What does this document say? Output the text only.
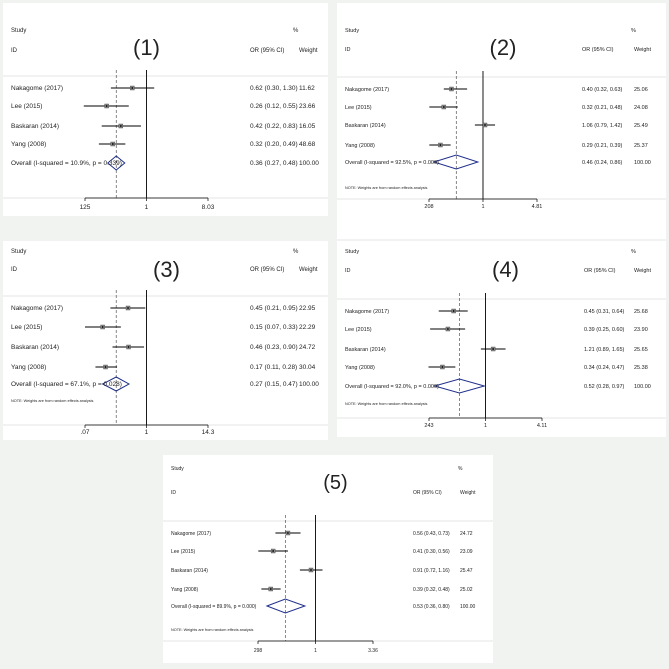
Study	%
ID	OR (95% CI) Weight
(1)
Nakagome (2017)	0.62 (0.30, 1.30) 11.62
Lee (2015)	0.26 (0.12, 0.55) 23.66
Baskaran (2014)	0.42 (0.22, 0.83) 16.05
Yang (2008)	0.32 (0.20, 0.49) 48.68
Overall (I-squared = 10.9%, p = 0.339)	0.36 (0.27, 0.48) 100.00
125	1	8.03
Study	%
ID	OR (95% CI)	Weight
(2)
Nakagome (2017)	0.40 (0.32, 0.63) 25.06
Lee (2015)	0.32 (0.21, 0.48) 24.08
Baskaran (2014)	1.06 (0.79, 1.42) 25.49
Yang (2008)	0.29 (0.21, 0.39) 25.37
Overall (I-squared = 92.5%, p = 0.000)	0.46 (0.24, 0.86) 100.00
NOTE: Weights are from random effects analysis
208	1	4.81
Study	%
ID	OR (95% CI) Weight
(3)
Nakagome (2017)	0.45 (0.21, 0.95) 22.95
Lee (2015)	0.15 (0.07, 0.33) 22.29
Baskaran (2014)	0.46 (0.23, 0.90) 24.72
Yang (2008)	0.17 (0.11, 0.28) 30.04
Overall (I-squared = 67.1%, p = 0.028)	0.27 (0.15, 0.47) 100.00
NOTE: Weights are from random effects analysis
.07	1	14.3
Study	%
ID	OR (95% CI)	Weight
(4)
Nakagome (2017)	0.45 (0.31, 0.64) 25.68
Lee (2015)	0.39 (0.25, 0.60) 23.90
Baskaran (2014)	1.21 (0.89, 1.65) 25.65
Yang (2008)	0.34 (0.24, 0.47) 25.38
Overall (I-squared = 92.0%, p = 0.000)	0.52 (0.28, 0.97) 100.00
NOTE: Weights are from random effects analysis
243	1	4.11
Study	%
ID	OR (95% CI)	Weight
(5)
Nakagome (2017)	0.56 (0.43, 0.73) 24.72
Lee (2015)	0.41 (0.30, 0.56) 23.09
Baskaran (2014)	0.91 (0.72, 1.16) 25.47
Yang (2008)	0.39 (0.32, 0.48) 25.02
Overall (I-squared = 89.9%, p = 0.000)	0.53 (0.36, 0.80) 100.00
NOTE: Weights are from random effects analysis
298	1	3.36
